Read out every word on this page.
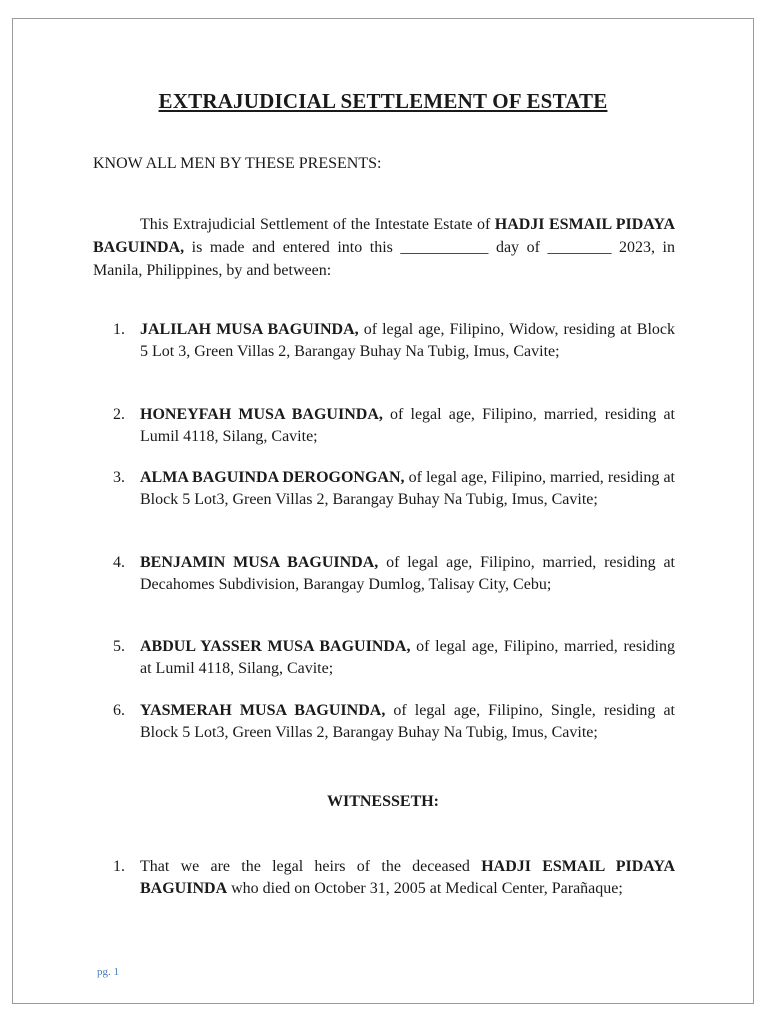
EXTRAJUDICIAL SETTLEMENT OF ESTATE
KNOW ALL MEN BY THESE PRESENTS:

This Extrajudicial Settlement of the Intestate Estate of HADJI ESMAIL PIDAYA BAGUINDA, is made and entered into this ___________ day of ________ 2023, in Manila, Philippines, by and between:

1. JALILAH MUSA BAGUINDA, of legal age, Filipino, Widow, residing at Block 5 Lot 3, Green Villas 2, Barangay Buhay Na Tubig, Imus, Cavite;
2. HONEYFAH MUSA BAGUINDA, of legal age, Filipino, married, residing at Lumil 4118, Silang, Cavite;
3. ALMA BAGUINDA DEROGONGAN, of legal age, Filipino, married, residing at Block 5 Lot3, Green Villas 2, Barangay Buhay Na Tubig, Imus, Cavite;
4. BENJAMIN MUSA BAGUINDA, of legal age, Filipino, married, residing at Decahomes Subdivision, Barangay Dumlog, Talisay City, Cebu;
5. ABDUL YASSER MUSA BAGUINDA, of legal age, Filipino, married, residing at Lumil 4118, Silang, Cavite;
6. YASMERAH MUSA BAGUINDA, of legal age, Filipino, Single, residing at Block 5 Lot3, Green Villas 2, Barangay Buhay Na Tubig, Imus, Cavite;
WITNESSETH:
1. That we are the legal heirs of the deceased HADJI ESMAIL PIDAYA BAGUINDA who died on October 31, 2005 at Medical Center, Parañaque;
pg. 1
